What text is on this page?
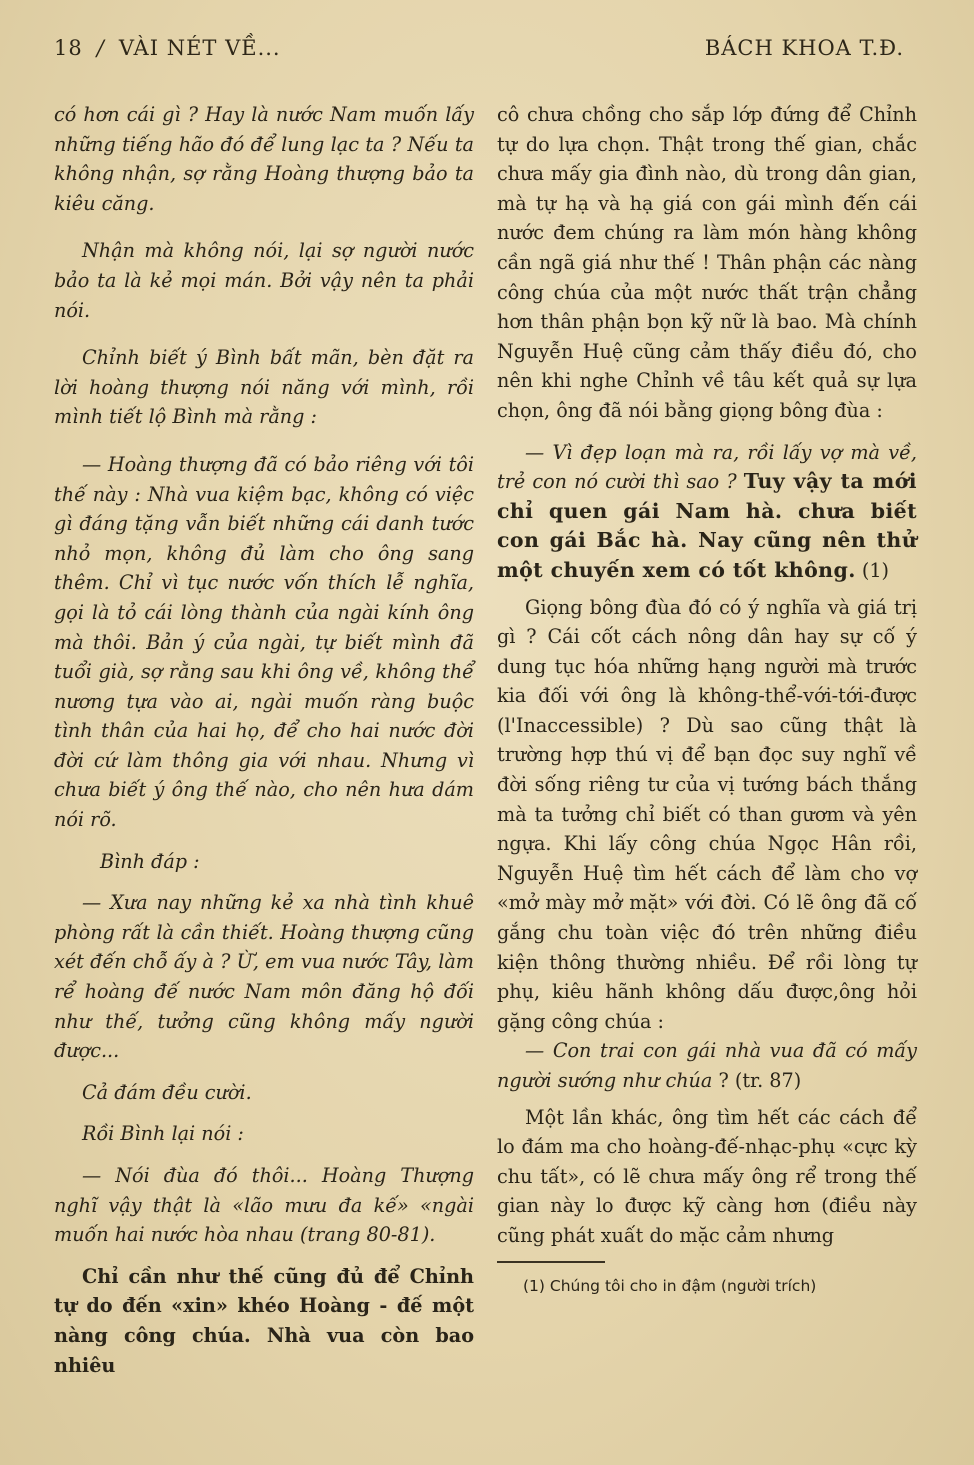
18 / VÀI NÉT VỀ...	BÁCH KHOA T.Đ.

có hơn cái gì ? Hay là nước Nam muốn lấy những tiếng hão đó để lung lạc ta ? Nếu ta không nhận, sợ rằng Hoàng thượng bảo ta kiêu căng.

Nhận mà không nói, lại sợ người nước bảo ta là kẻ mọi mán. Bởi vậy nên ta phải nói.

Chỉnh biết ý Bình bất mãn, bèn đặt ra lời hoàng thượng nói năng với mình, rồi mình tiết lộ Bình mà rằng :

— Hoàng thượng đã có bảo riêng với tôi thế này : Nhà vua kiệm bạc, không có việc gì đáng tặng vẫn biết những cái danh tước nhỏ mọn, không đủ làm cho ông sang thêm. Chỉ vì tục nước vốn thích lễ nghĩa, gọi là tỏ cái lòng thành của ngài kính ông mà thôi. Bản ý của ngài, tự biết mình đã tuổi già, sợ rằng sau khi ông về, không thể nương tựa vào ai, ngài muốn ràng buộc tình thân của hai họ, để cho hai nước đời đời cứ làm thông gia với nhau. Nhưng vì chưa biết ý ông thế nào, cho nên hưa dám nói rõ.

Bình đáp :

— Xưa nay những kẻ xa nhà tình khuê phòng rất là cần thiết. Hoàng thượng cũng xét đến chỗ ấy à ? Ừ, em vua nước Tây, làm rể hoàng đế nước Nam môn đăng hộ đối như thế, tưởng cũng không mấy người được...

Cả đám đều cười.

Rồi Bình lại nói :

— Nói đùa đó thôi... Hoàng Thượng nghĩ vậy thật là «lão mưu đa kế» «ngài muốn hai nước hòa nhau (trang 80-81).

Chỉ cần như thế cũng đủ để Chỉnh tự do đến «xin» khéo Hoàng - đế một nàng công chúa. Nhà vua còn bao nhiêu

cô chưa chồng cho sắp lớp đứng để Chỉnh tự do lựa chọn. Thật trong thế gian, chắc chưa mấy gia đình nào, dù trong dân gian, mà tự hạ và hạ giá con gái mình đến cái nước đem chúng ra làm món hàng không cần ngã giá như thế ! Thân phận các nàng công chúa của một nước thất trận chẳng hơn thân phận bọn kỹ nữ là bao. Mà chính Nguyễn Huệ cũng cảm thấy điều đó, cho nên khi nghe Chỉnh về tâu kết quả sự lựa chọn, ông đã nói bằng giọng bông đùa :

— Vì đẹp loạn mà ra, rồi lấy vợ mà về, trẻ con nó cười thì sao ? Tuy vậy ta mới chỉ quen gái Nam hà. chưa biết con gái Bắc hà. Nay cũng nên thử một chuyến xem có tốt không. (1)

Giọng bông đùa đó có ý nghĩa và giá trị gì ? Cái cốt cách nông dân hay sự cố ý dung tục hóa những hạng người mà trước kia đối với ông là không-thể-với-tới-được (l'Inaccessible) ? Dù sao cũng thật là trường hợp thú vị để bạn đọc suy nghĩ về đời sống riêng tư của vị tướng bách thắng mà ta tưởng chỉ biết có than gươm và yên ngựa. Khi lấy công chúa Ngọc Hân rồi, Nguyễn Huệ tìm hết cách để làm cho vợ «mở mày mở mặt» với đời. Có lẽ ông đã cố gắng chu toàn việc đó trên những điều kiện thông thường nhiều. Để rồi lòng tự phụ, kiêu hãnh không dấu được,ông hỏi gặng công chúa :

— Con trai con gái nhà vua đã có mấy người sướng như chúa ? (tr. 87)

Một lần khác, ông tìm hết các cách để lo đám ma cho hoàng-đế-nhạc-phụ «cực kỳ chu tất», có lẽ chưa mấy ông rể trong thế gian này lo được kỹ càng hơn (điều này cũng phát xuất do mặc cảm nhưng

(1) Chúng tôi cho in đậm (người trích)
